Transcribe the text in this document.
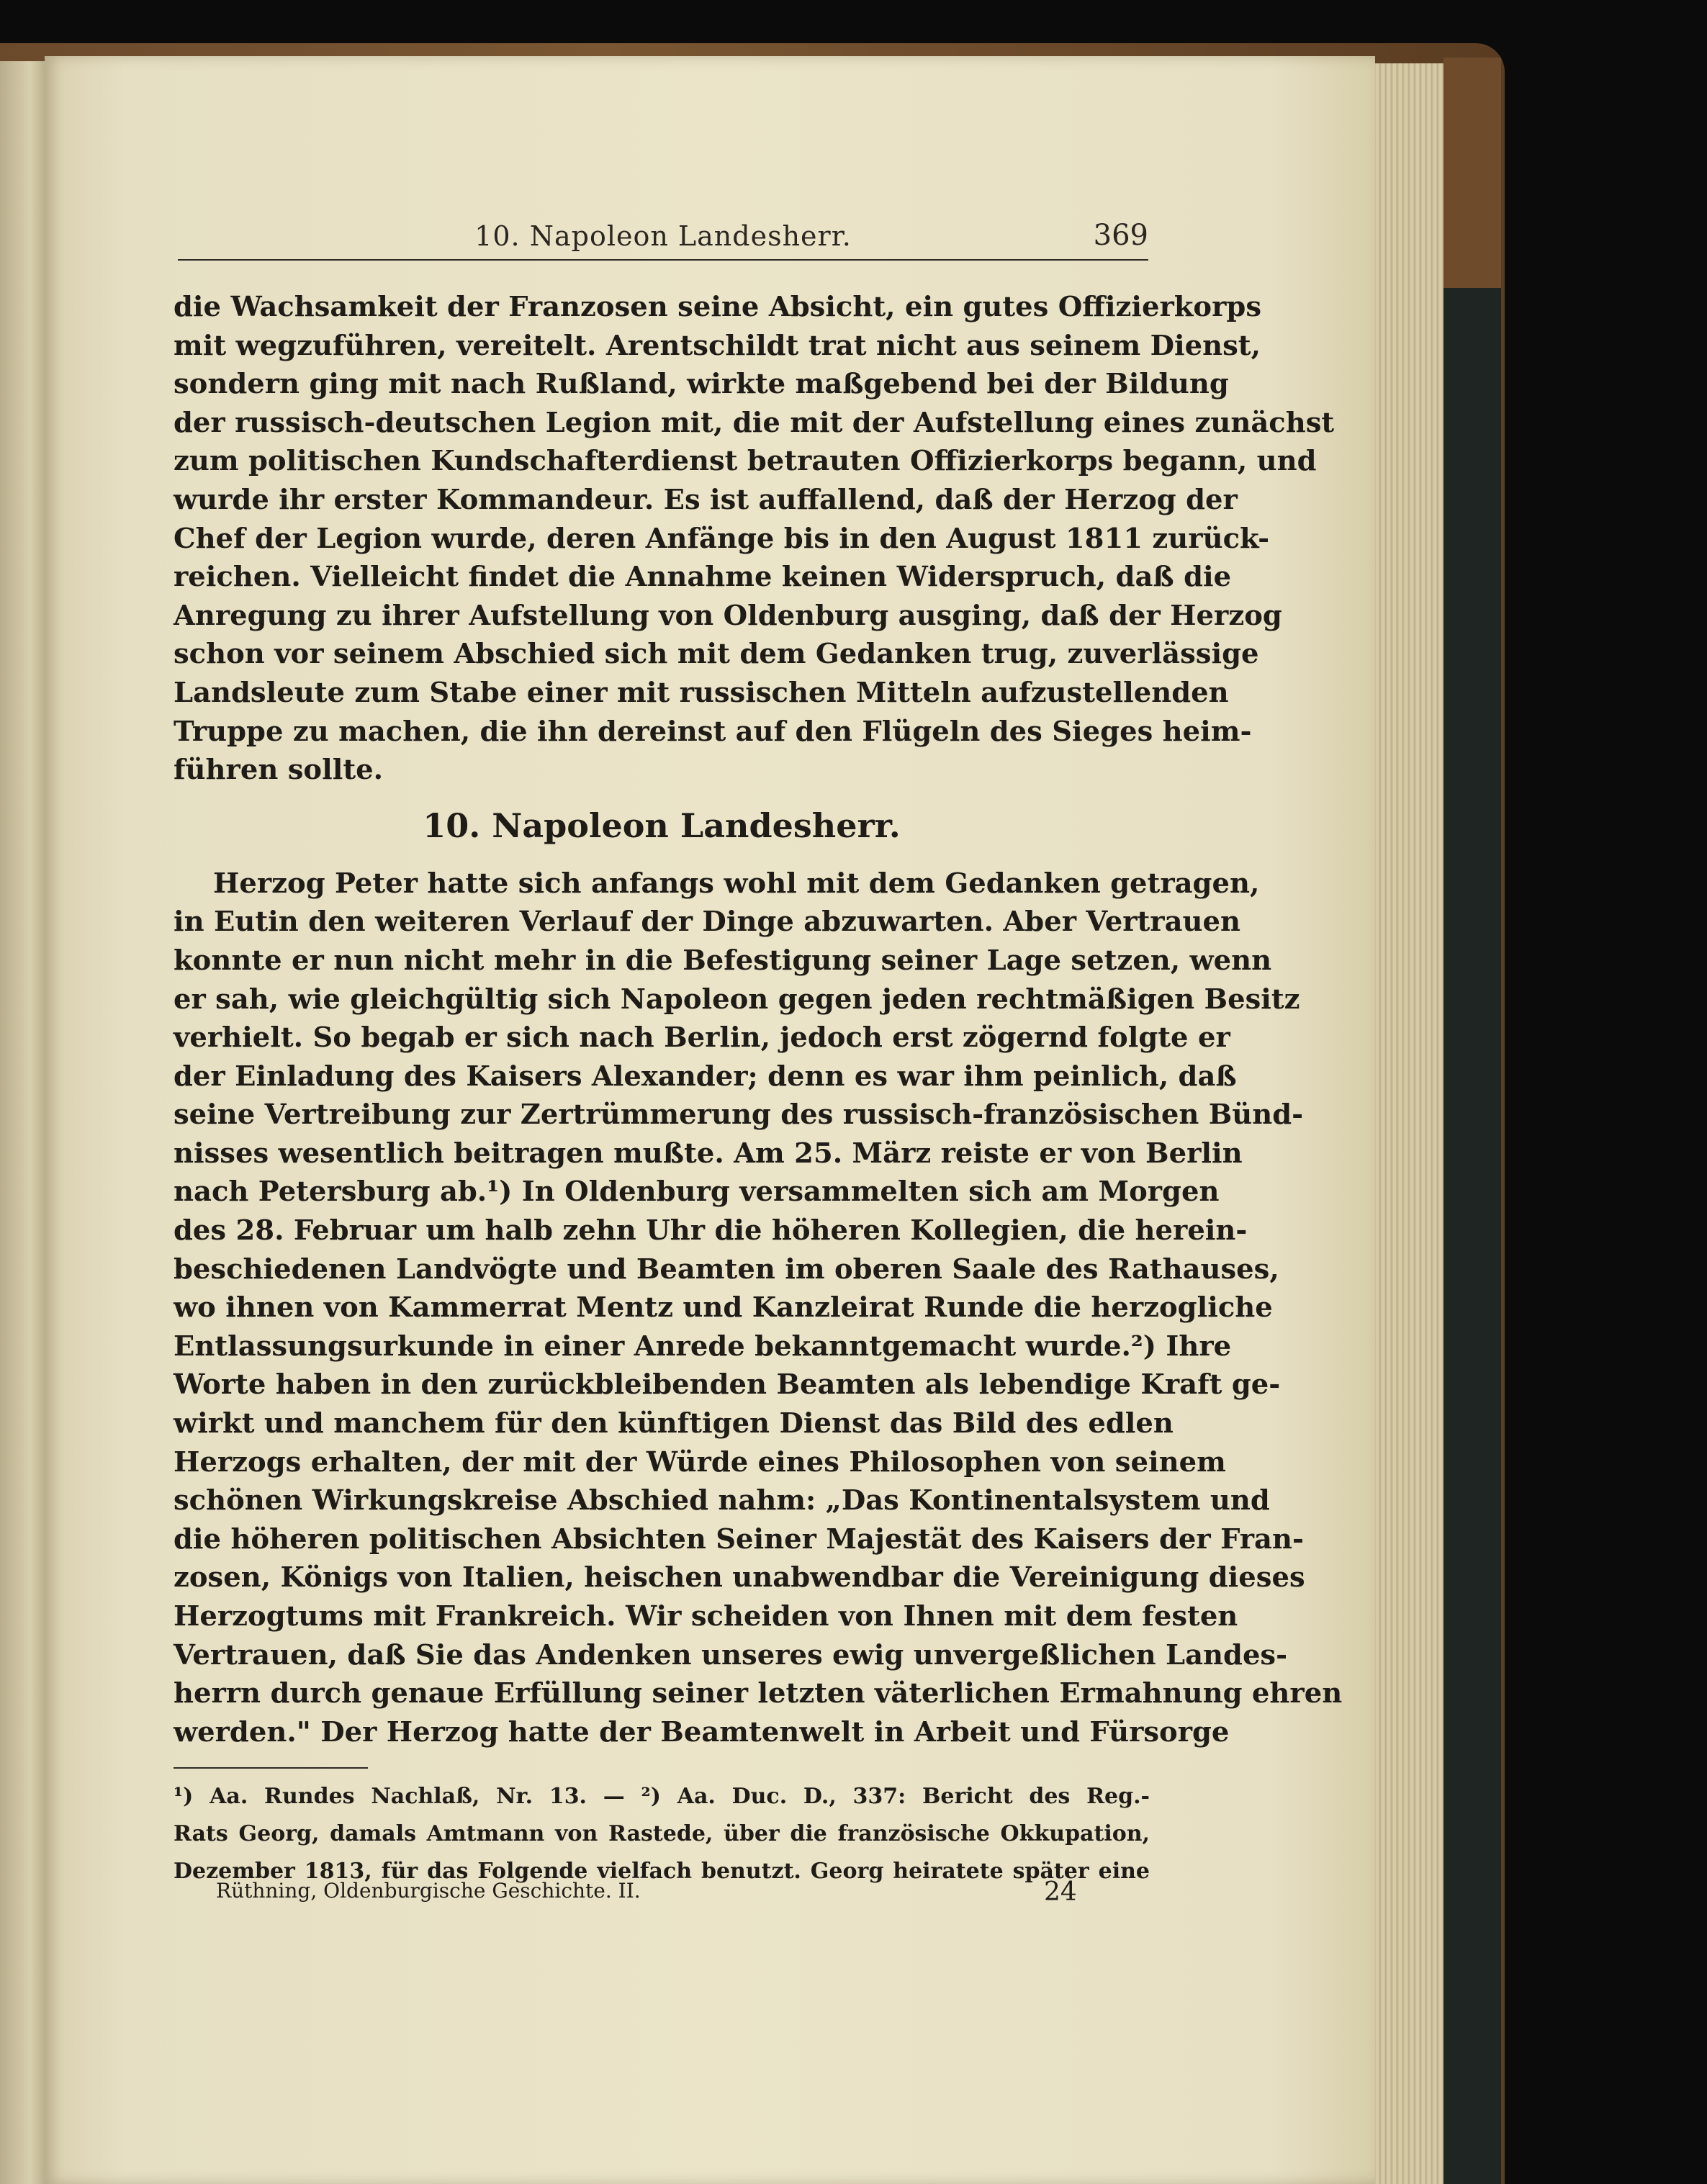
10. Napoleon Landesherr.	369
die Wachsamkeit der Franzosen seine Absicht, ein gutes Offizierkorps
mit wegzuführen, vereitelt. Arentschildt trat nicht aus seinem Dienst,
sondern ging mit nach Rußland, wirkte maßgebend bei der Bildung
der russisch-deutschen Legion mit, die mit der Aufstellung eines zunächst
zum politischen Kundschafterdienst betrauten Offizierkorps begann, und
wurde ihr erster Kommandeur. Es ist auffallend, daß der Herzog der
Chef der Legion wurde, deren Anfänge bis in den August 1811 zurück-
reichen. Vielleicht findet die Annahme keinen Widerspruch, daß die
Anregung zu ihrer Aufstellung von Oldenburg ausging, daß der Herzog
schon vor seinem Abschied sich mit dem Gedanken trug, zuverlässige
Landsleute zum Stabe einer mit russischen Mitteln aufzustellenden
Truppe zu machen, die ihn dereinst auf den Flügeln des Sieges heim-
führen sollte.
10. Napoleon Landesherr.
Herzog Peter hatte sich anfangs wohl mit dem Gedanken getragen,
in Eutin den weiteren Verlauf der Dinge abzuwarten. Aber Vertrauen
konnte er nun nicht mehr in die Befestigung seiner Lage setzen, wenn
er sah, wie gleichgültig sich Napoleon gegen jeden rechtmäßigen Besitz
verhielt. So begab er sich nach Berlin, jedoch erst zögernd folgte er
der Einladung des Kaisers Alexander; denn es war ihm peinlich, daß
seine Vertreibung zur Zertrümmerung des russisch-französischen Bünd-
nisses wesentlich beitragen mußte. Am 25. März reiste er von Berlin
nach Petersburg ab.¹) In Oldenburg versammelten sich am Morgen
des 28. Februar um halb zehn Uhr die höheren Kollegien, die herein-
beschiedenen Landvögte und Beamten im oberen Saale des Rathauses,
wo ihnen von Kammerrat Mentz und Kanzleirat Runde die herzogliche
Entlassungsurkunde in einer Anrede bekanntgemacht wurde.²) Ihre
Worte haben in den zurückbleibenden Beamten als lebendige Kraft ge-
wirkt und manchem für den künftigen Dienst das Bild des edlen
Herzogs erhalten, der mit der Würde eines Philosophen von seinem
schönen Wirkungskreise Abschied nahm: „Das Kontinentalsystem und
die höheren politischen Absichten Seiner Majestät des Kaisers der Fran-
zosen, Königs von Italien, heischen unabwendbar die Vereinigung dieses
Herzogtums mit Frankreich. Wir scheiden von Ihnen mit dem festen
Vertrauen, daß Sie das Andenken unseres ewig unvergeßlichen Landes-
herrn durch genaue Erfüllung seiner letzten väterlichen Ermahnung ehren
werden." Der Herzog hatte der Beamtenwelt in Arbeit und Fürsorge
¹) Aa. Rundes Nachlaß, Nr. 13. — ²) Aa. Duc. D., 337: Bericht des Reg.-
Rats Georg, damals Amtmann von Rastede, über die französische Okkupation,
Dezember 1813, für das Folgende vielfach benutzt. Georg heiratete später eine
Rüthning, Oldenburgische Geschichte. II.	24
